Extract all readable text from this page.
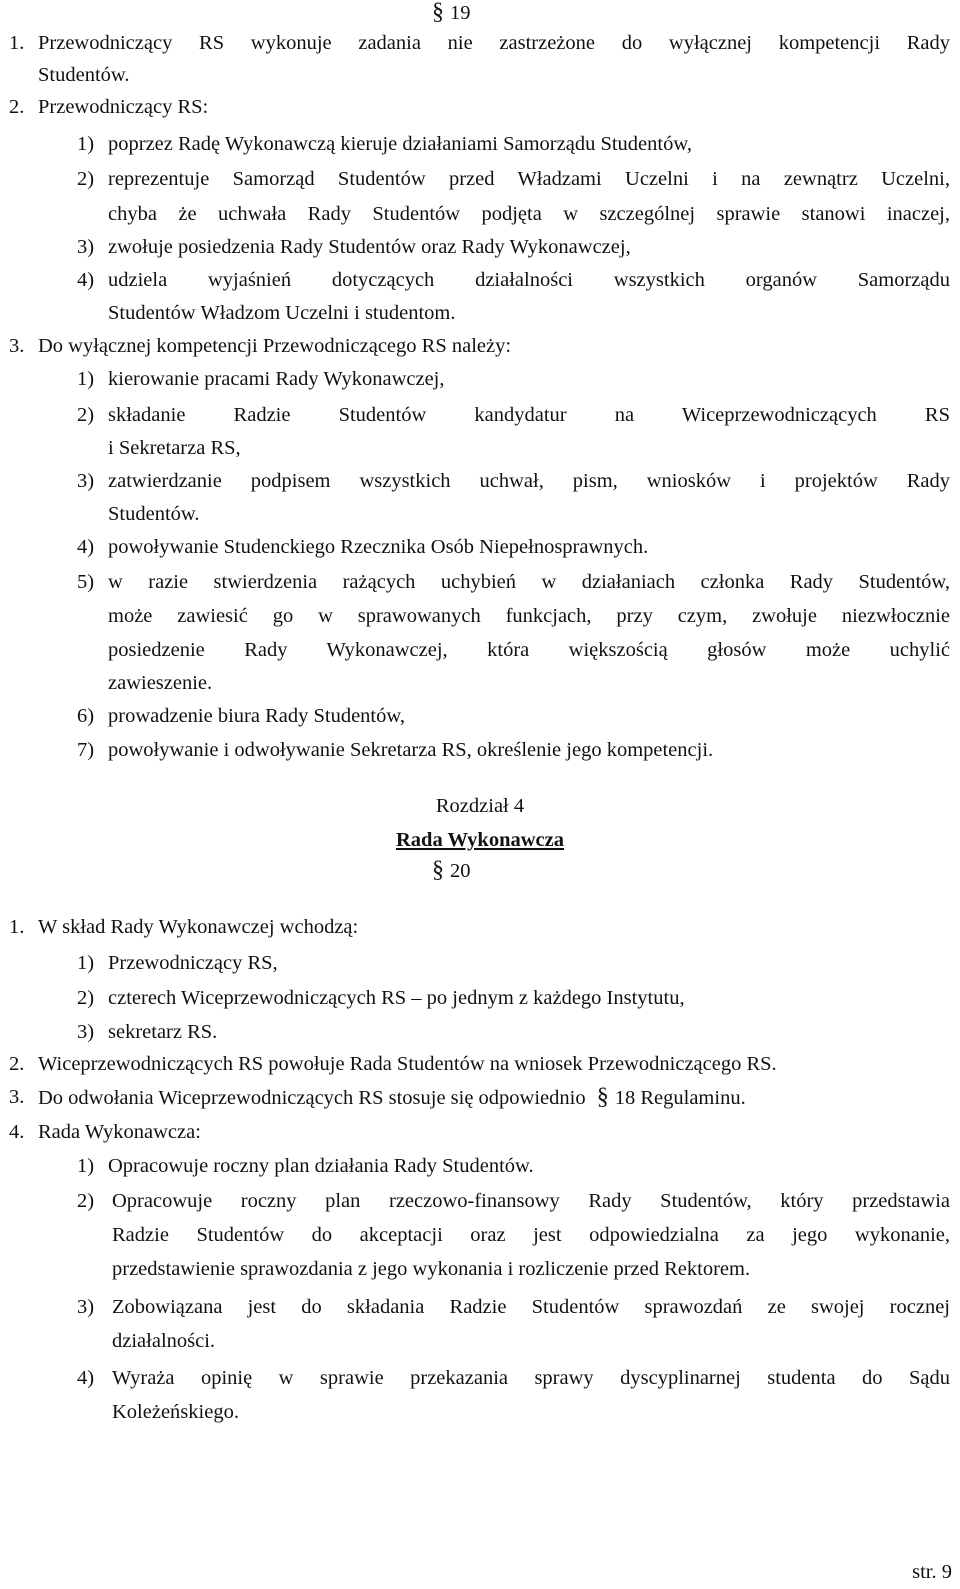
§ 19
1. Przewodniczący RS wykonuje zadania nie zastrzeżone do wyłącznej kompetencji Rady
Studentów.
2. Przewodniczący RS:
1) poprzez Radę Wykonawczą kieruje działaniami Samorządu Studentów,
2) reprezentuje Samorząd Studentów przed Władzami Uczelni i na zewnątrz Uczelni,
chyba że uchwała Rady Studentów podjęta w szczególnej sprawie stanowi inaczej,
3) zwołuje posiedzenia Rady Studentów oraz Rady Wykonawczej,
4) udziela wyjaśnień dotyczących działalności wszystkich organów Samorządu
Studentów Władzom Uczelni i studentom.
3. Do wyłącznej kompetencji Przewodniczącego RS należy:
1) kierowanie pracami Rady Wykonawczej,
2) składanie Radzie Studentów kandydatur na Wiceprzewodniczących RS
i Sekretarza RS,
3) zatwierdzanie podpisem wszystkich uchwał, pism, wniosków i projektów Rady
Studentów.
4) powoływanie Studenckiego Rzecznika Osób Niepełnosprawnych.
5) w razie stwierdzenia rażących uchybień w działaniach członka Rady Studentów,
może zawiesić go w sprawowanych funkcjach, przy czym, zwołuje niezwłocznie
posiedzenie Rady Wykonawczej, która większością głosów może uchylić
zawieszenie.
6) prowadzenie biura Rady Studentów,
7) powoływanie i odwoływanie Sekretarza RS, określenie jego kompetencji.
Rozdział 4
Rada Wykonawcza
§ 20
1. W skład Rady Wykonawczej wchodzą:
1) Przewodniczący RS,
2) czterech Wiceprzewodniczących RS – po jednym z każdego Instytutu,
3) sekretarz RS.
2. Wiceprzewodniczących RS powołuje Rada Studentów na wniosek Przewodniczącego RS.
3. Do odwołania Wiceprzewodniczących RS stosuje się odpowiednio § 18 Regulaminu.
4. Rada Wykonawcza:
1) Opracowuje roczny plan działania Rady Studentów.
2) Opracowuje roczny plan rzeczowo-finansowy Rady Studentów, który przedstawia
Radzie Studentów do akceptacji oraz jest odpowiedzialna za jego wykonanie,
przedstawienie sprawozdania z jego wykonania i rozliczenie przed Rektorem.
3) Zobowiązana jest do składania Radzie Studentów sprawozdań ze swojej rocznej
działalności.
4) Wyraża opinię w sprawie przekazania sprawy dyscyplinarnej studenta do Sądu
Koleżeńskiego.
str. 9
